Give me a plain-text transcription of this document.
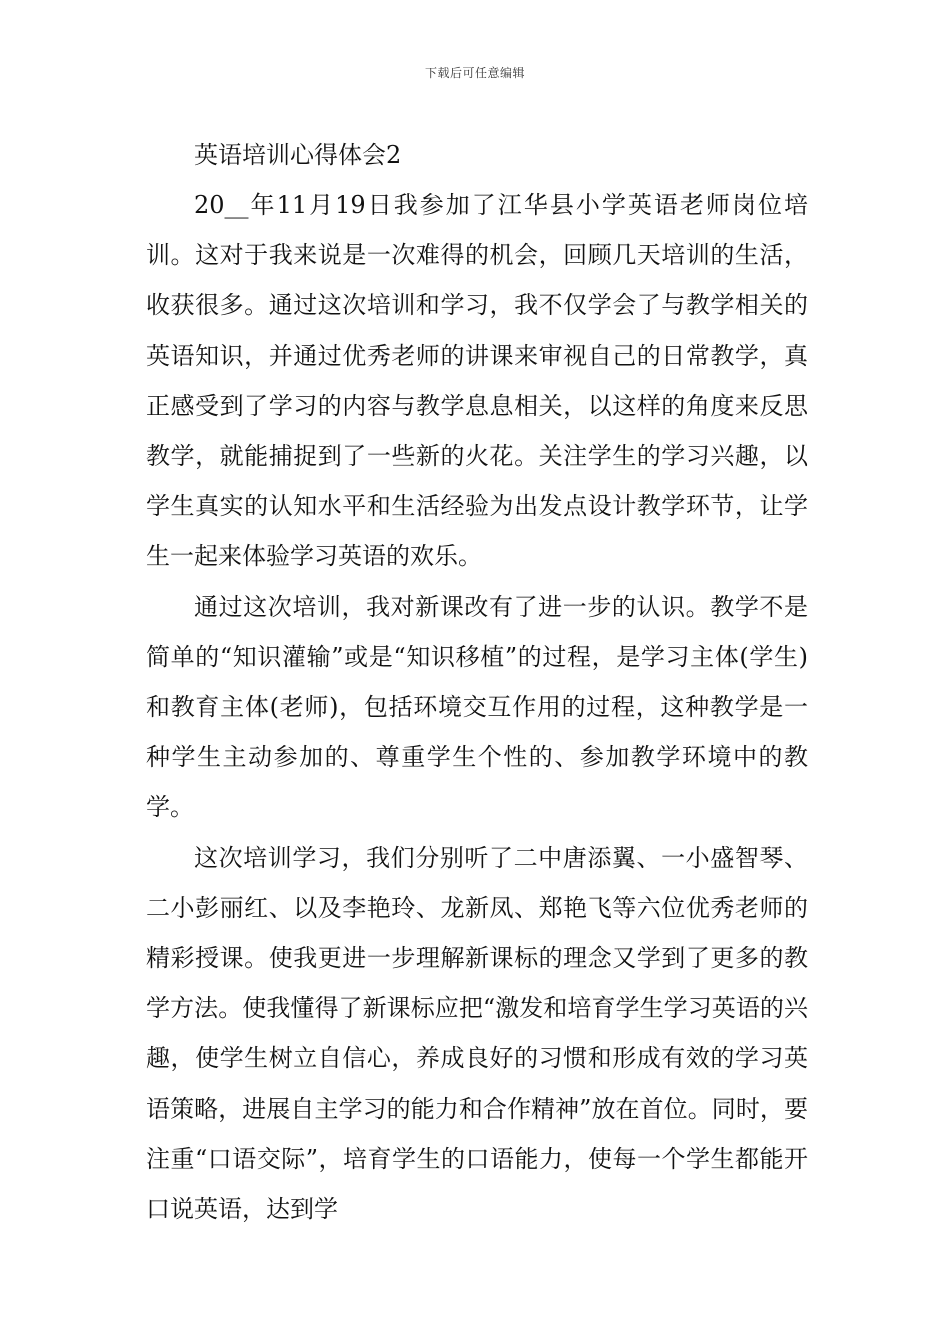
下载后可任意编辑
英语培训心得体会2

20__年11月19日我参加了江华县小学英语老师岗位培训。这对于我来说是一次难得的机会，回顾几天培训的生活，收获很多。通过这次培训和学习，我不仅学会了与教学相关的英语知识，并通过优秀老师的讲课来审视自己的日常教学，真正感受到了学习的内容与教学息息相关，以这样的角度来反思教学，就能捕捉到了一些新的火花。关注学生的学习兴趣，以学生真实的认知水平和生活经验为出发点设计教学环节，让学生一起来体验学习英语的欢乐。

通过这次培训，我对新课改有了进一步的认识。教学不是简单的“知识灌输”或是“知识移植”的过程，是学习主体(学生)和教育主体(老师)，包括环境交互作用的过程，这种教学是一种学生主动参加的、尊重学生个性的、参加教学环境中的教学。

这次培训学习，我们分别听了二中唐添翼、一小盛智琴、二小彭丽红、以及李艳玲、龙新凤、郑艳飞等六位优秀老师的精彩授课。使我更进一步理解新课标的理念又学到了更多的教学方法。使我懂得了新课标应把“激发和培育学生学习英语的兴趣，使学生树立自信心，养成良好的习惯和形成有效的学习英语策略，进展自主学习的能力和合作精神”放在首位。同时，要注重“口语交际”，培育学生的口语能力，使每一个学生都能开口说英语，达到学
